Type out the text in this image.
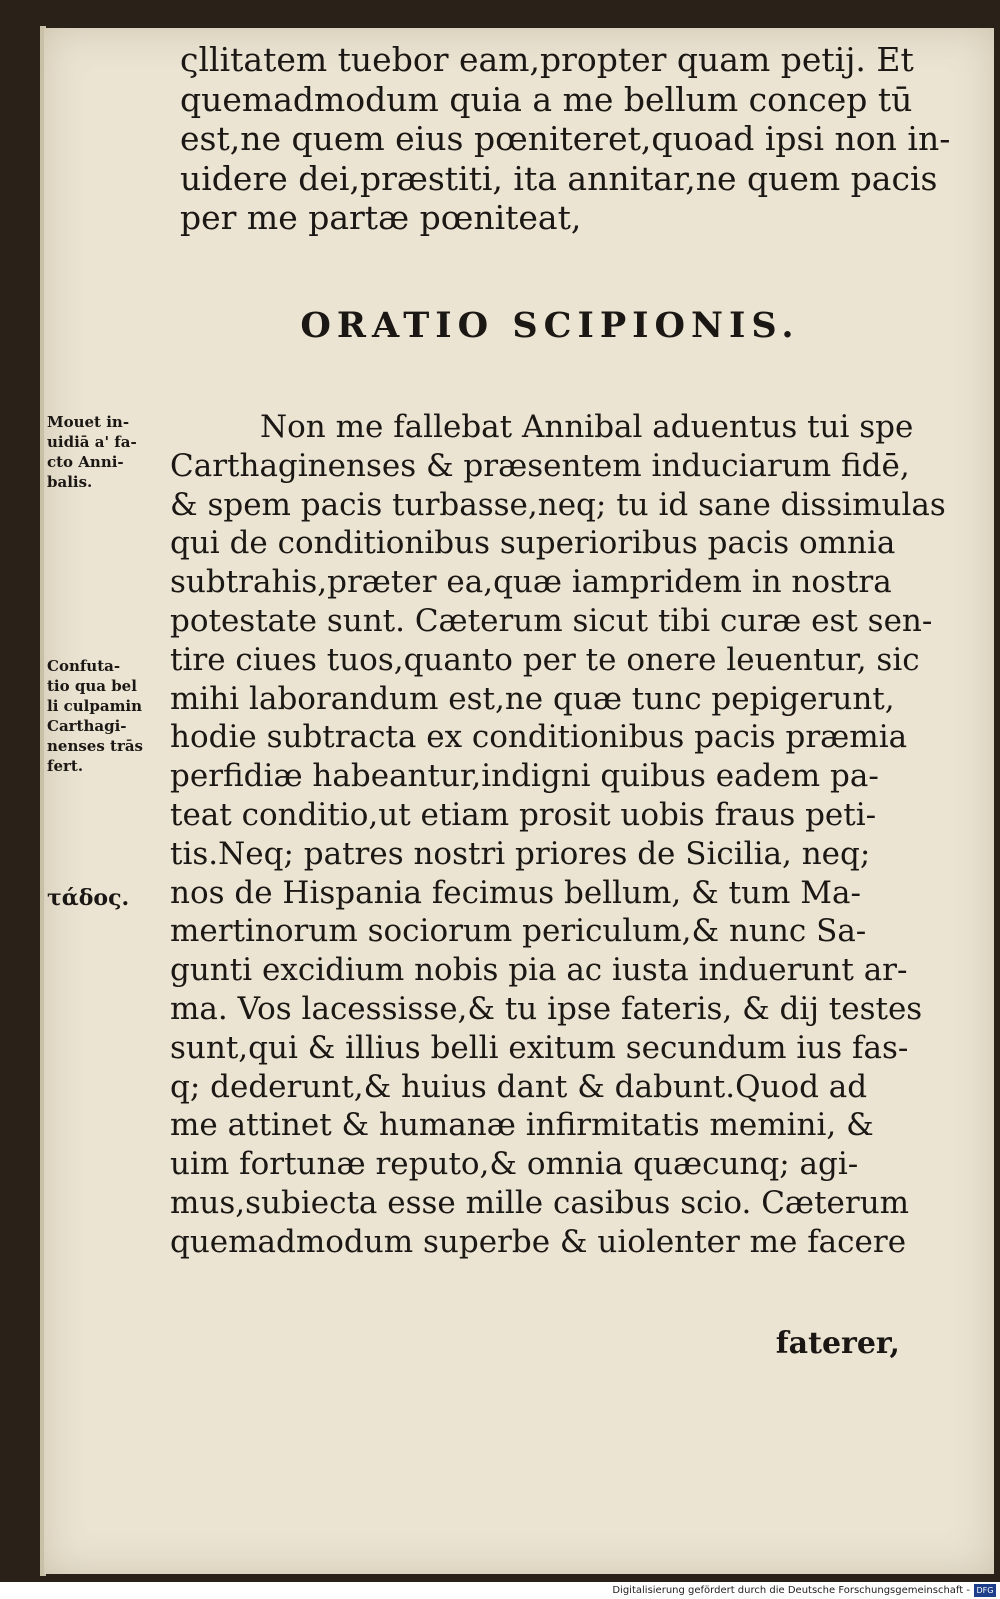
ςllitatem tuebor eam,propter quam petij. Et

quemadmodum quia a me bellum concep tū

est,ne quem eius pœniteret,quoad ipsi non in-

uidere dei,præstiti, ita annitar,ne quem pacis

per me partæ pœniteat,

ORATIO SCIPIONIS.

Mouet in-

uidiā a' fa-

cto Anni-

balis.

Confuta-

tio qua bel

li culpamin

Carthagi-

nenses trās

fert.

τάδος.

Non me fallebat Annibal aduentus tui spe

Carthaginenses & præsentem induciarum fidē,

& spem pacis turbasse,neq; tu id sane dissimulas

qui de conditionibus superioribus pacis omnia

subtrahis,præter ea,quæ iampridem in nostra

potestate sunt. Cæterum sicut tibi curæ est sen-

tire ciues tuos,quanto per te onere leuentur, sic

mihi laborandum est,ne quæ tunc pepigerunt,

hodie subtracta ex conditionibus pacis præmia

perfidiæ habeantur,indigni quibus eadem pa-

teat conditio,ut etiam prosit uobis fraus peti-

tis.Neq; patres nostri priores de Sicilia, neq;

nos de Hispania fecimus bellum, & tum Ma-

mertinorum sociorum periculum,& nunc Sa-

gunti excidium nobis pia ac iusta induerunt ar-

ma. Vos lacessisse,& tu ipse fateris, & dij testes

sunt,qui & illius belli exitum secundum ius fas-

q; dederunt,& huius dant & dabunt.Quod ad

me attinet & humanæ infirmitatis memini, &

uim fortunæ reputo,& omnia quæcunq; agi-

mus,subiecta esse mille casibus scio. Cæterum

quemadmodum superbe & uiolenter me facere

faterer,
Digitalisierung gefördert durch die Deutsche Forschungsgemeinschaft - DFG
